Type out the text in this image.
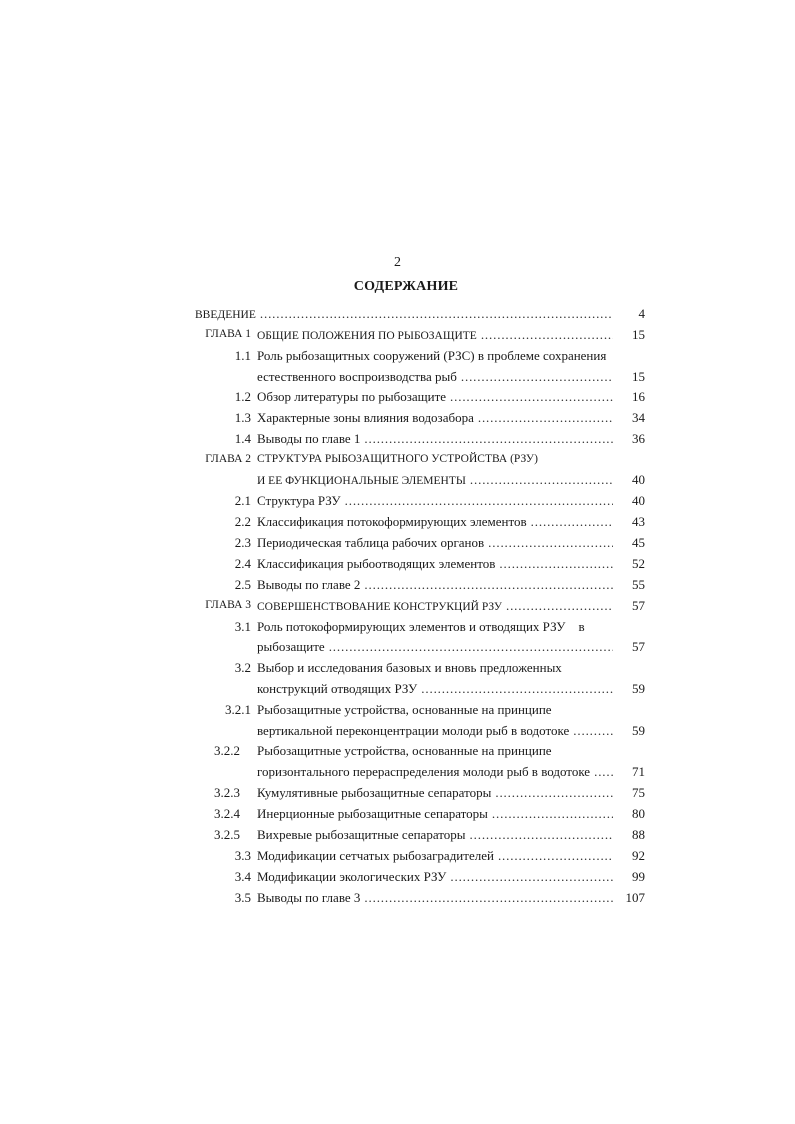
2
СОДЕРЖАНИЕ
ВВЕДЕНИЕ . . .	4
ГЛАВА 1 ОБЩИЕ ПОЛОЖЕНИЯ ПО РЫБОЗАЩИТЕ . . .	15
1.1 Роль рыбозащитных сооружений (РЗС) в проблеме сохранения
естественного воспроизводства рыб . . .	15
1.2 Обзор литературы по рыбозащите . . .	16
1.3 Характерные зоны влияния водозабора . . .	34
1.4 Выводы по главе 1 . . .	36
ГЛАВА 2 СТРУКТУРА РЫБОЗАЩИТНОГО УСТРОЙСТВА (РЗУ)
И ЕЕ ФУНКЦИОНАЛЬНЫЕ ЭЛЕМЕНТЫ . . .	40
2.1 Структура РЗУ . . .	40
2.2 Классификация потокоформирующих элементов . . .	43
2.3 Периодическая таблица рабочих органов . . .	45
2.4 Классификация рыбоотводящих элементов . . .	52
2.5 Выводы по главе 2 . . .	55
ГЛАВА 3 СОВЕРШЕНСТВОВАНИЕ КОНСТРУКЦИЙ РЗУ . . .	57
3.1 Роль потокоформирующих элементов и отводящих РЗУ    в
рыбозащите . . .	57
3.2 Выбор и исследования базовых и вновь предложенных
конструкций отводящих РЗУ . . .	59
3.2.1 Рыбозащитные устройства, основанные на принципе
вертикальной переконцентрации молоди рыб в водотоке . . .	59
3.2.2 Рыбозащитные устройства, основанные на принципе
горизонтального перераспределения молоди рыб в водотоке . . .	71
3.2.3 Кумулятивные рыбозащитные сепараторы . . .	75
3.2.4 Инерционные рыбозащитные сепараторы . . .	80
3.2.5 Вихревые рыбозащитные сепараторы . . .	88
3.3 Модификации сетчатых рыбозаградителей . . .	92
3.4 Модификации экологических РЗУ . . .	99
3.5 Выводы по главе 3 . . .	107
